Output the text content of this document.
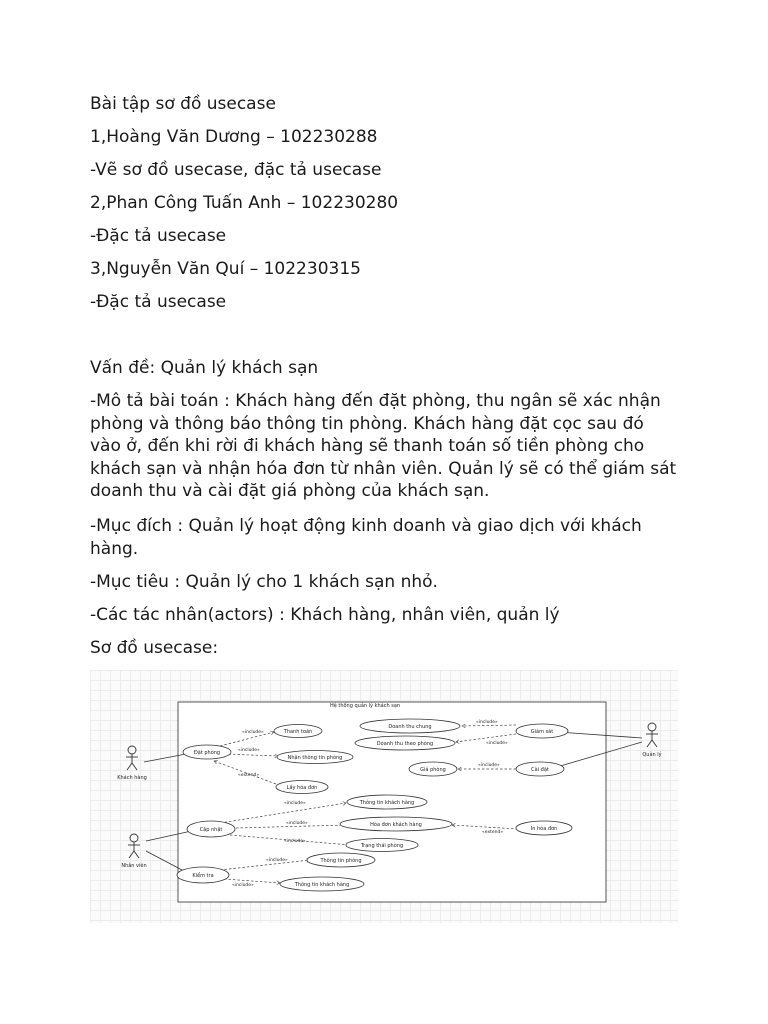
Bài tập sơ đồ usecase
1,Hoàng Văn Dương – 102230288
-Vẽ sơ đồ usecase, đặc tả usecase
2,Phan Công Tuấn Anh – 102230280
-Đặc tả usecase
3,Nguyễn Văn Quí – 102230315
-Đặc tả usecase
Vấn đề: Quản lý khách sạn
-Mô tả bài toán : Khách hàng đến đặt phòng, thu ngân sẽ xác nhận phòng và thông báo thông tin phòng. Khách hàng đặt cọc sau đó vào ở, đến khi rời đi khách hàng sẽ thanh toán số tiền phòng cho khách sạn và nhận hóa đơn từ nhân viên. Quản lý sẽ có thể giám sát doanh thu và cài đặt giá phòng của khách sạn.
-Mục đích : Quản lý hoạt động kinh doanh và giao dịch với khách hàng.
-Mục tiêu : Quản lý cho 1 khách sạn nhỏ.
-Các tác nhân(actors) : Khách hàng, nhân viên, quản lý
Sơ đồ usecase:
Hệ thống quản lý khách sạn
Khách hàng
Nhân viên
Quản lý
«include»
«include»
«extend»
«include»
«include»
«include»
«include»
«include»
«include»
«extend»
«include»
«include»
Đặt phòng
Thanh toán
Nhận thông tin phòng
Lấy hóa đơn
Doanh thu chung
Doanh thu theo phòng
Giám sát
Giá phòng	Cài đặt
Thông tin khách hàng
Cập nhật
Hóa đơn khách hàng
Trạng thái phòng
In hóa đơn
Kiểm tra
Thông tin phòng
Thông tin khách hàng
